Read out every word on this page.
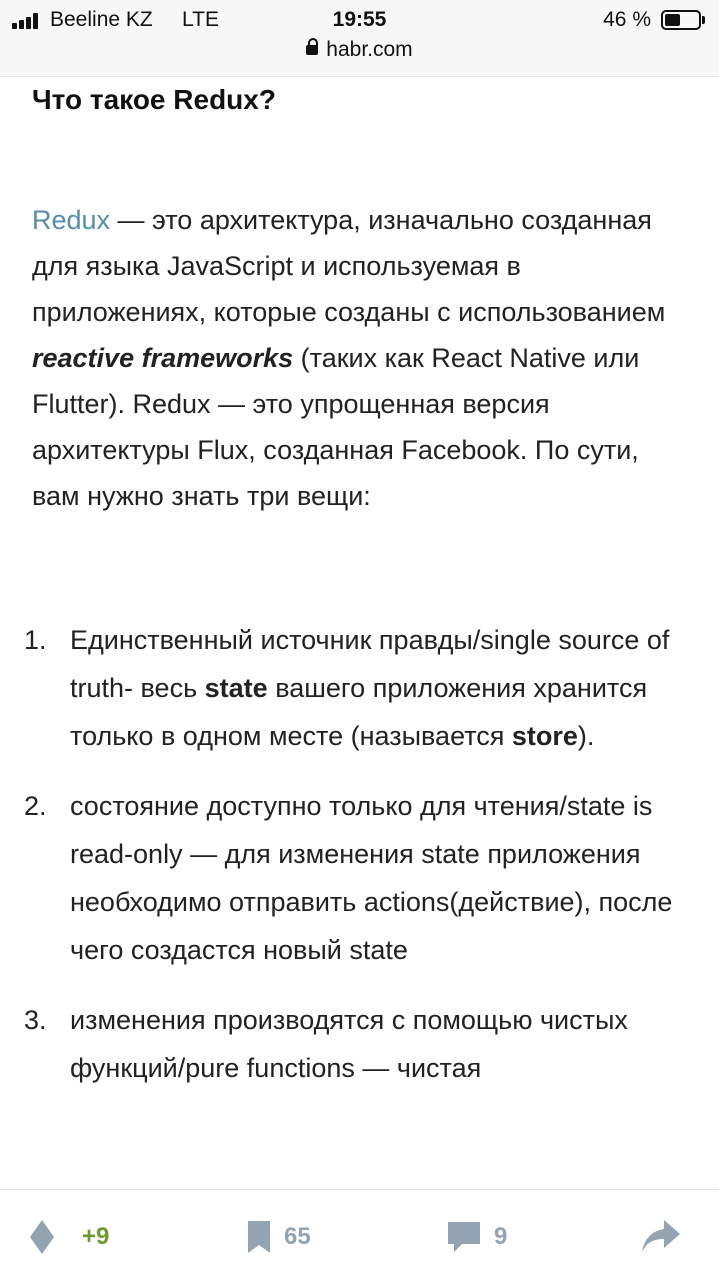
Beeline KZ LTE	19:55	46 %
habr.com
Что такое Redux?

Redux — это архитектура, изначально созданная для языка JavaScript и используемая в приложениях, которые созданы с использованием reactive frameworks (таких как React Native или Flutter). Redux — это упрощенная версия архитектуры Flux, созданная Facebook. По сути, вам нужно знать три вещи:

1. Единственный источник правды/single source of truth- весь state вашего приложения хранится только в одном месте (называется store).
2. состояние доступно только для чтения/state is read-only — для изменения state приложения необходимо отправить actions(действие), после чего создастся новый state
3. изменения производятся с помощью чистых функций/pure functions — чистая
+9	65	9
